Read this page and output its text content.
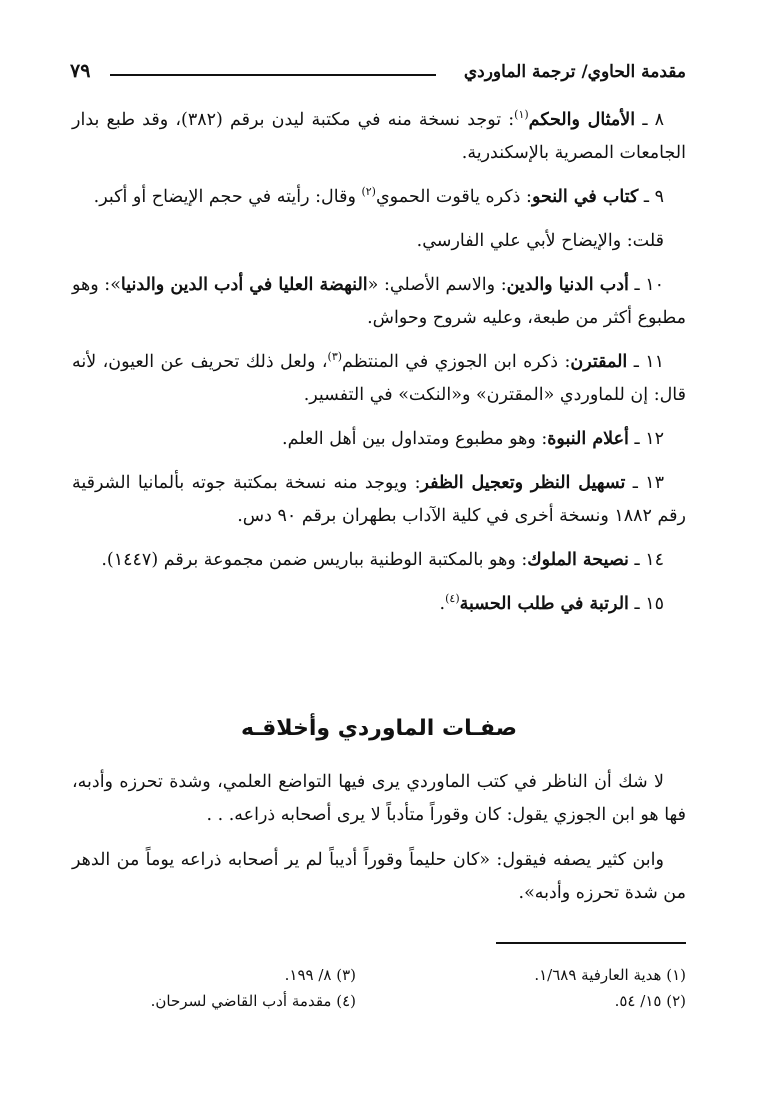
مقدمة الحاوي/ ترجمة الماوردي
٧٩

٨ ـ الأمثال والحكم$^{(١)}$: توجد نسخة منه في مكتبة ليدن برقم (٣٨٢)، وقد طبع بدار الجامعات المصرية بالإسكندرية.

٩ ـ كتاب في النحو: ذكره ياقوت الحموي$^{(٢)}$ وقال: رأيته في حجم الإيضاح أو أكبر.

قلت: والإيضاح لأبي علي الفارسي.

١٠ ـ أدب الدنيا والدين: والاسم الأصلي: «النهضة العليا في أدب الدين والدنيا»: وهو مطبوع أكثر من طبعة، وعليه شروح وحواش.

١١ ـ المقترن: ذكره ابن الجوزي في المنتظم$^{(٣)}$، ولعل ذلك تحريف عن العيون، لأنه قال: إن للماوردي «المقترن» و«النكت» في التفسير.

١٢ ـ أعلام النبوة: وهو مطبوع ومتداول بين أهل العلم.

١٣ ـ تسهيل النظر وتعجيل الظفر: ويوجد منه نسخة بمكتبة جوته بألمانيا الشرقية رقم ١٨٨٢ ونسخة أخرى في كلية الآداب بطهران برقم ٩٠ دس.

١٤ ـ نصيحة الملوك: وهو بالمكتبة الوطنية بباريس ضمن مجموعة برقم (١٤٤٧).

١٥ ـ الرتبة في طلب الحسبة$^{(٤)}$.

صفـات الماوردي وأخلاقـه

لا شك أن الناظر في كتب الماوردي يرى فيها التواضع العلمي، وشدة تحرزه وأدبه، فها هو ابن الجوزي يقول: كان وقوراً متأدباً لا يرى أصحابه ذراعه. . .

وابن كثير يصفه فيقول: «كان حليماً وقوراً أديباً لم ير أصحابه ذراعه يوماً من الدهر من شدة تحرزه وأدبه».

(١) هدية العارفية ١/٦٨٩.
(٢) ١٥/ ٥٤.
(٣) ٨/ ١٩٩.
(٤) مقدمة أدب القاضي لسرحان.
